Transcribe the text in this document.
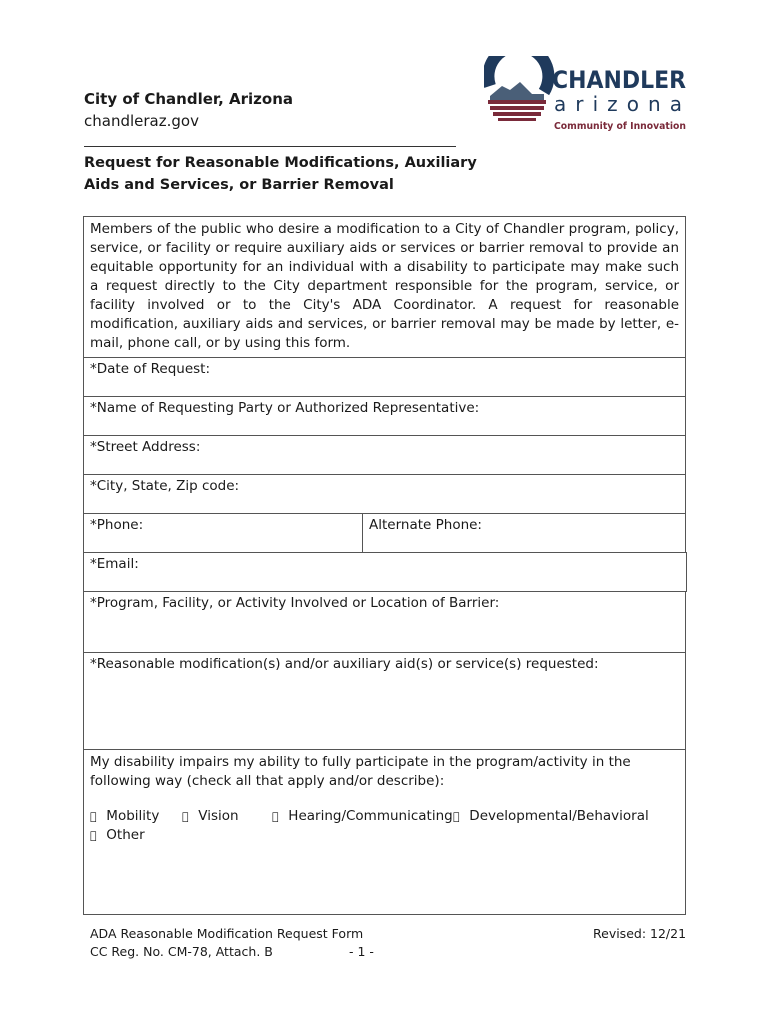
City of Chandler, Arizona
chandleraz.gov
Request for Reasonable Modifications, Auxiliary
Aids and Services, or Barrier Removal
CHANDLER
arizona
Community of Innovation
Members of the public who desire a modification to a City of Chandler program, policy, service, or facility or require auxiliary aids or services or barrier removal to provide an equitable opportunity for an individual with a disability to participate may make such a request directly to the City department responsible for the program, service, or facility involved or to the City's ADA Coordinator. A request for reasonable modification, auxiliary aids and services, or barrier removal may be made by letter, e-mail, phone call, or by using this form.
*Date of Request:
*Name of Requesting Party or Authorized Representative:
*Street Address:
*City, State, Zip code:
*Phone:	Alternate Phone:
*Email:
*Program, Facility, or Activity Involved or Location of Barrier:
*Reasonable modification(s) and/or auxiliary aid(s) or service(s) requested:
My disability impairs my ability to fully participate in the program/activity in the following way (check all that apply and/or describe):
Mobility	Vision	Hearing/Communicating	Developmental/Behavioral
Other
ADA Reasonable Modification Request Form
CC Reg. No. CM-78, Attach. B	- 1 -
Revised: 12/21
